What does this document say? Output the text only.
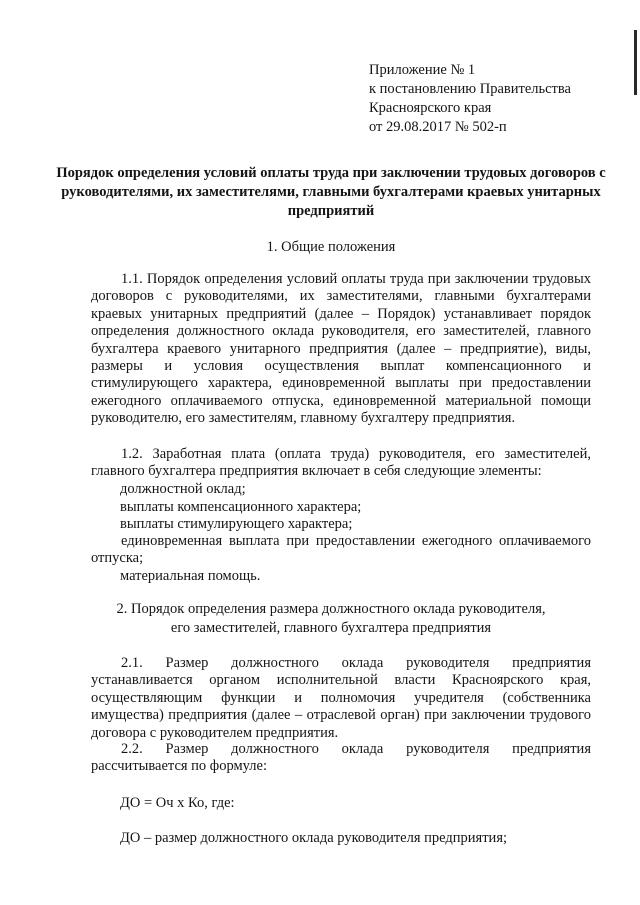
Приложение № 1
к постановлению Правительства
Красноярского края
от 29.08.2017 № 502-п
Порядок определения условий оплаты труда при заключении трудовых договоров с руководителями, их заместителями, главными бухгалтерами краевых унитарных предприятий
1. Общие положения
1.1. Порядок определения условий оплаты труда при заключении трудовых договоров с руководителями, их заместителями, главными бухгалтерами краевых унитарных предприятий (далее – Порядок) устанавливает порядок определения должностного оклада руководителя, его заместителей, главного бухгалтера краевого унитарного предприятия (далее – предприятие), виды, размеры и условия осуществления выплат компенсационного и стимулирующего характера, единовременной выплаты при предоставлении ежегодного оплачиваемого отпуска, единовременной материальной помощи руководителю, его заместителям, главному бухгалтеру предприятия.
1.2. Заработная плата (оплата труда) руководителя, его заместителей, главного бухгалтера предприятия включает в себя следующие элементы:
должностной оклад;
выплаты компенсационного характера;
выплаты стимулирующего характера;
единовременная выплата при предоставлении ежегодного оплачиваемого отпуска;
материальная помощь.
2. Порядок определения размера должностного оклада руководителя,
его заместителей, главного бухгалтера предприятия
2.1. Размер должностного оклада руководителя предприятия устанавливается органом исполнительной власти Красноярского края, осуществляющим функции и полномочия учредителя (собственника имущества) предприятия (далее – отраслевой орган) при заключении трудового договора с руководителем предприятия.
2.2. Размер должностного оклада руководителя предприятия рассчитывается по формуле:
ДО = Оч х Ко, где:
ДО – размер должностного оклада руководителя предприятия;
